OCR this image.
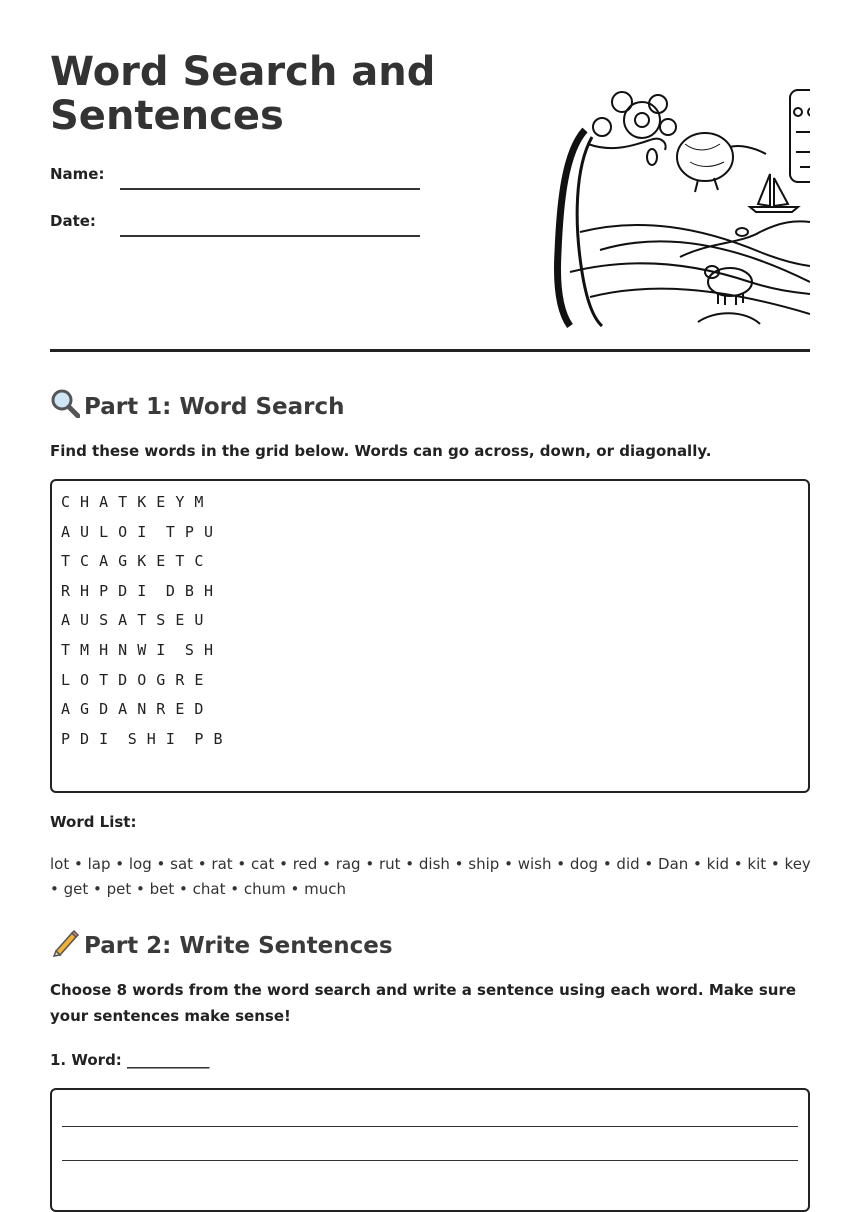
Word Search and Sentences
Name:
Date:
Part 1: Word Search

Find these words in the grid below. Words can go across, down, or diagonally.

C H A T K E Y M
A U L O I  T P U
T C A G K E T C
R H P D I  D B H
A U S A T S E U
T M H N W I  S H
L O T D O G R E
A G D A N R E D
P D I  S H I  P B
Word List:
lot • lap • log • sat • rat • cat • red • rag • rut • dish • ship • wish • dog • did • Dan • kid • kit • key • get • pet • bet • chat • chum • much
Part 2: Write Sentences

Choose 8 words from the word search and write a sentence using each word. Make sure your sentences make sense!

1. Word: ___________
